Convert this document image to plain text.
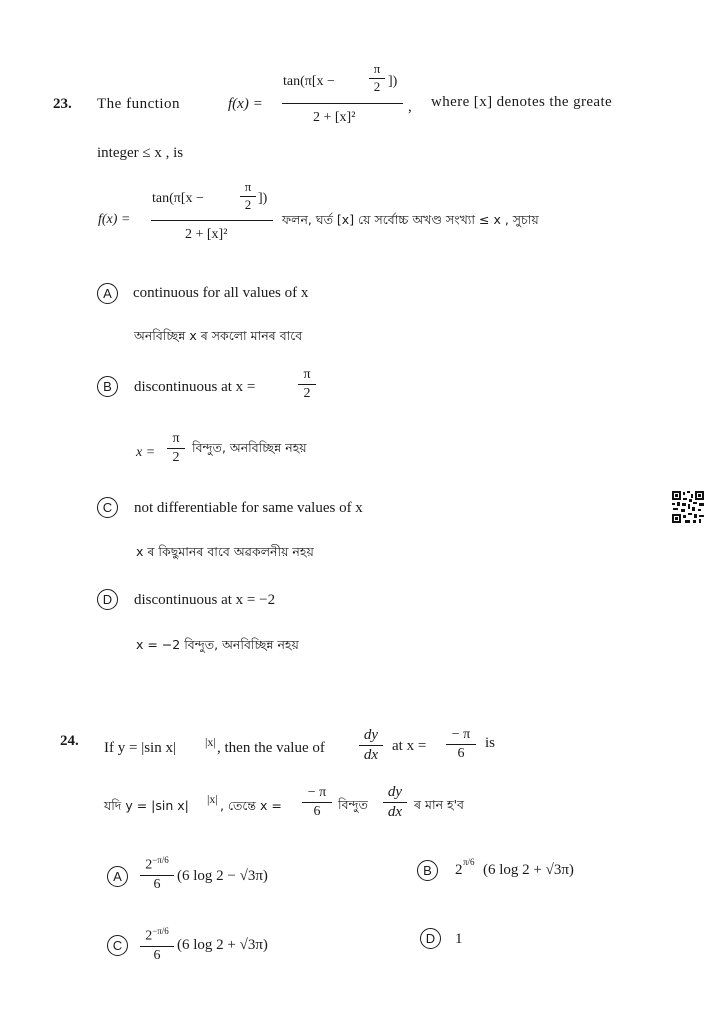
23. The function	f(x) =
tan(π[x −
π
2 ])
2 + [x]²
, where [x] denotes the greate
integer ≤ x , is
f(x) =
tan(π[x −
π
2 ])
2 + [x]²
ফলন, ঘৰ্ত [x] য়ে সৰ্বোচ্চ অখণ্ড সংখ্যা ≤ x , সুচায়
A	continuous for all values of x
অনবিচ্ছিন্ন x ৰ সকলো মানৰ বাবে
B	discontinuous at x =
π
2
x =
π
2
বিন্দুত, অনবিচ্ছিন্ন নহয়
C	not differentiable for same values of x
x ৰ কিছুমানৰ বাবে অৱকলনীয় নহয়
D	discontinuous at x = −2
x = −2 বিন্দুত, অনবিচ্ছিন্ন নহয়
24. If y = |sin x| |x| , then the value of
dy
dx
at x =
− π
6
is
যদি y = |sin x| |x| , তেন্তে x =
− π
6	বিন্দুত
dy
dx ৰ মান হ'ব
A
$2^{-\pi/6}$
6
(6 log 2 − √3π)	B	2 π/6 (6 log 2 + √3π)
C
$2^{-\pi/6}$
6
(6 log 2 + √3π)	D	1
